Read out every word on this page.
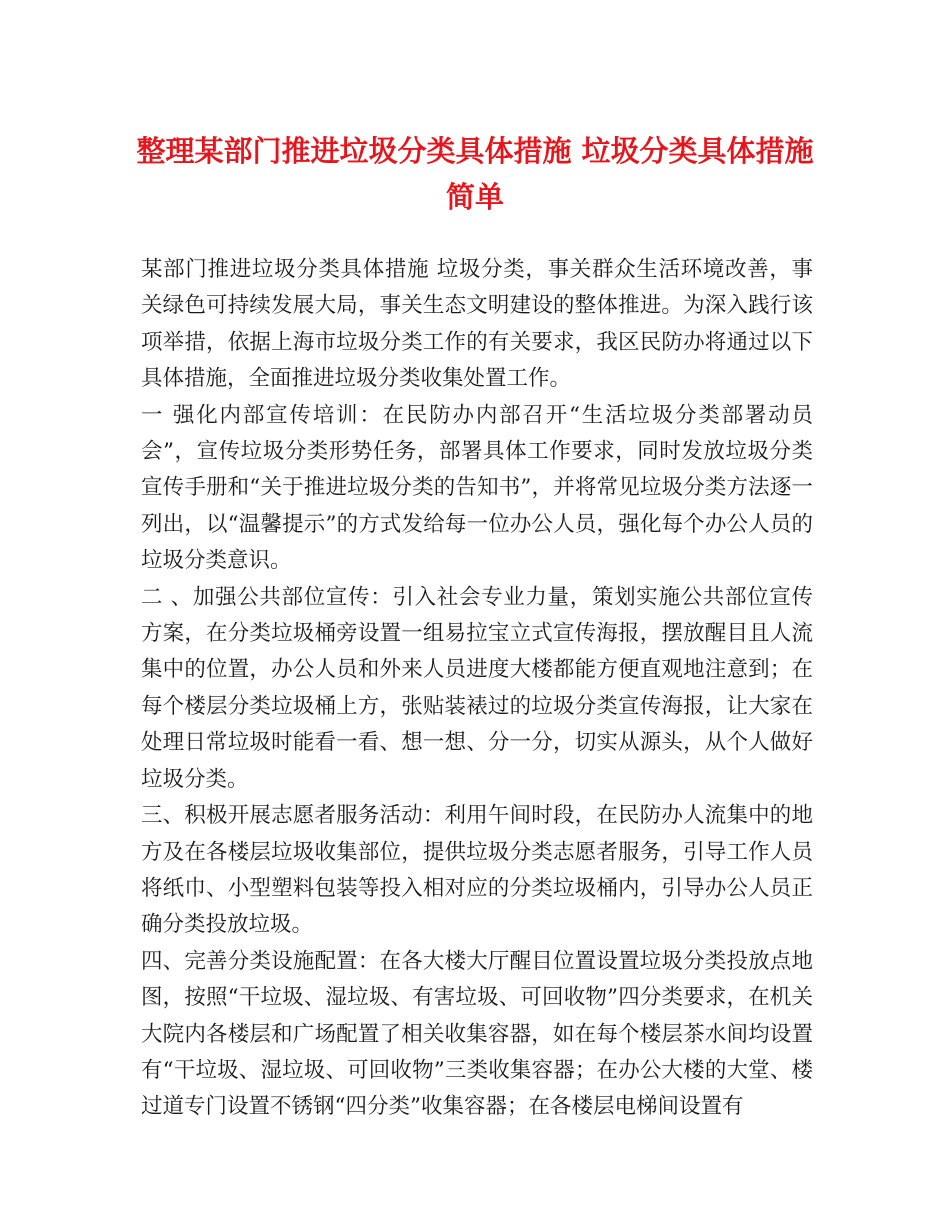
整理某部门推进垃圾分类具体措施 垃圾分类具体措施
简单

某部门推进垃圾分类具体措施 垃圾分类，事关群众生活环境改善，事关绿色可持续发展大局，事关生态文明建设的整体推进。为深入践行该项举措，依据上海市垃圾分类工作的有关要求，我区民防办将通过以下具体措施，全面推进垃圾分类收集处置工作。

一 强化内部宣传培训：在民防办内部召开“生活垃圾分类部署动员会”，宣传垃圾分类形势任务，部署具体工作要求，同时发放垃圾分类宣传手册和“关于推进垃圾分类的告知书”，并将常见垃圾分类方法逐一列出，以“温馨提示”的方式发给每一位办公人员，强化每个办公人员的垃圾分类意识。

二 、加强公共部位宣传：引入社会专业力量，策划实施公共部位宣传方案，在分类垃圾桶旁设置一组易拉宝立式宣传海报，摆放醒目且人流集中的位置，办公人员和外来人员进度大楼都能方便直观地注意到；在每个楼层分类垃圾桶上方，张贴装裱过的垃圾分类宣传海报，让大家在处理日常垃圾时能看一看、想一想、分一分，切实从源头，从个人做好垃圾分类。

三、积极开展志愿者服务活动：利用午间时段，在民防办人流集中的地方及在各楼层垃圾收集部位，提供垃圾分类志愿者服务，引导工作人员将纸巾、小型塑料包装等投入相对应的分类垃圾桶内，引导办公人员正确分类投放垃圾。

四、完善分类设施配置：在各大楼大厅醒目位置设置垃圾分类投放点地图，按照“干垃圾、湿垃圾、有害垃圾、可回收物”四分类要求，在机关大院内各楼层和广场配置了相关收集容器，如在每个楼层茶水间均设置有“干垃圾、湿垃圾、可回收物”三类收集容器；在办公大楼的大堂、楼过道专门设置不锈钢“四分类”收集容器；在各楼层电梯间设置有
